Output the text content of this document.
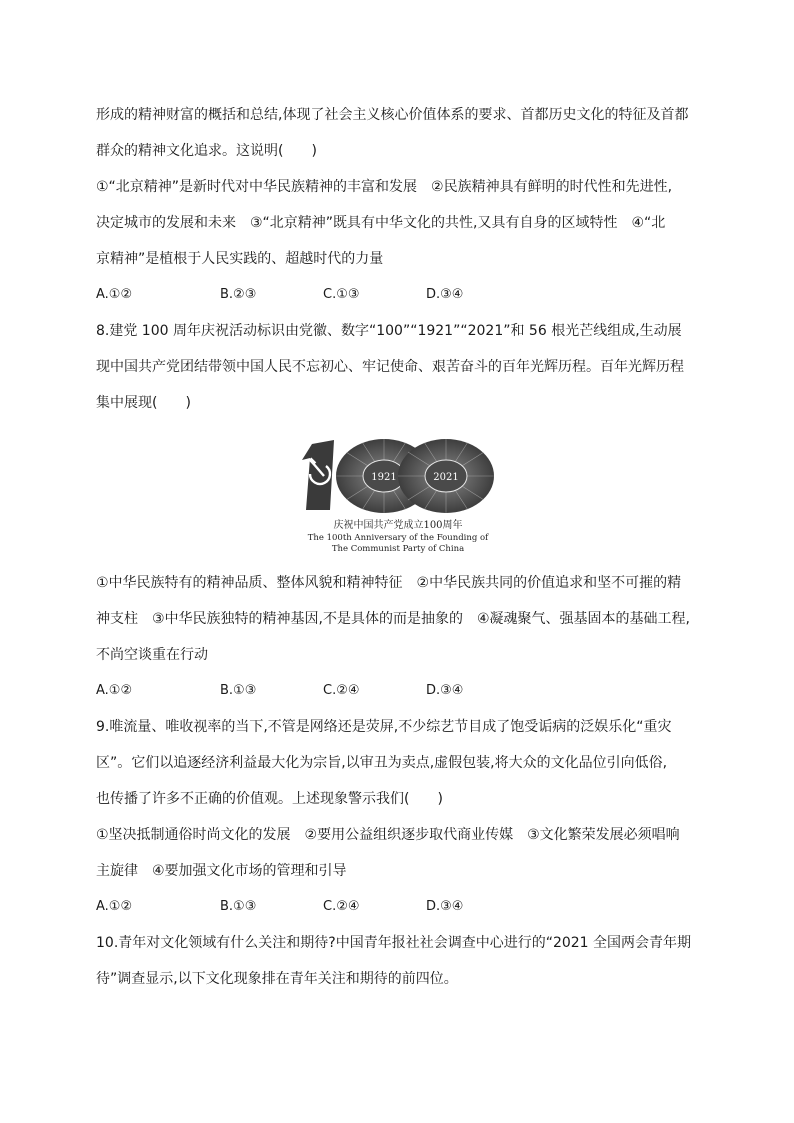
形成的精神财富的概括和总结,体现了社会主义核心价值体系的要求、首都历史文化的特征及首都
群众的精神文化追求。这说明(　　)
①“北京精神”是新时代对中华民族精神的丰富和发展　②民族精神具有鲜明的时代性和先进性,
决定城市的发展和未来　③“北京精神”既具有中华文化的共性,又具有自身的区域特性　④“北
京精神”是植根于人民实践的、超越时代的力量
A.①②	B.②③	C.①③	D.③④
8.建党 100 周年庆祝活动标识由党徽、数字“100”“1921”“2021”和 56 根光芒线组成,生动展
现中国共产党团结带领中国人民不忘初心、牢记使命、艰苦奋斗的百年光辉历程。百年光辉历程
集中展现(　　)
1921	2021
庆祝中国共产党成立100周年
The 100th Anniversary of the Founding of
The Communist Party of China
①中华民族特有的精神品质、整体风貌和精神特征　②中华民族共同的价值追求和坚不可摧的精
神支柱　③中华民族独特的精神基因,不是具体的而是抽象的　④凝魂聚气、强基固本的基础工程,
不尚空谈重在行动
A.①②	B.①③	C.②④	D.③④
9.唯流量、唯收视率的当下,不管是网络还是荧屏,不少综艺节目成了饱受诟病的泛娱乐化“重灾
区”。它们以追逐经济利益最大化为宗旨,以审丑为卖点,虚假包装,将大众的文化品位引向低俗,
也传播了许多不正确的价值观。上述现象警示我们(　　)
①坚决抵制通俗时尚文化的发展　②要用公益组织逐步取代商业传媒　③文化繁荣发展必须唱响
主旋律　④要加强文化市场的管理和引导
A.①②	B.①③	C.②④	D.③④
10.青年对文化领域有什么关注和期待?中国青年报社社会调查中心进行的“2021 全国两会青年期
待”调查显示,以下文化现象排在青年关注和期待的前四位。
